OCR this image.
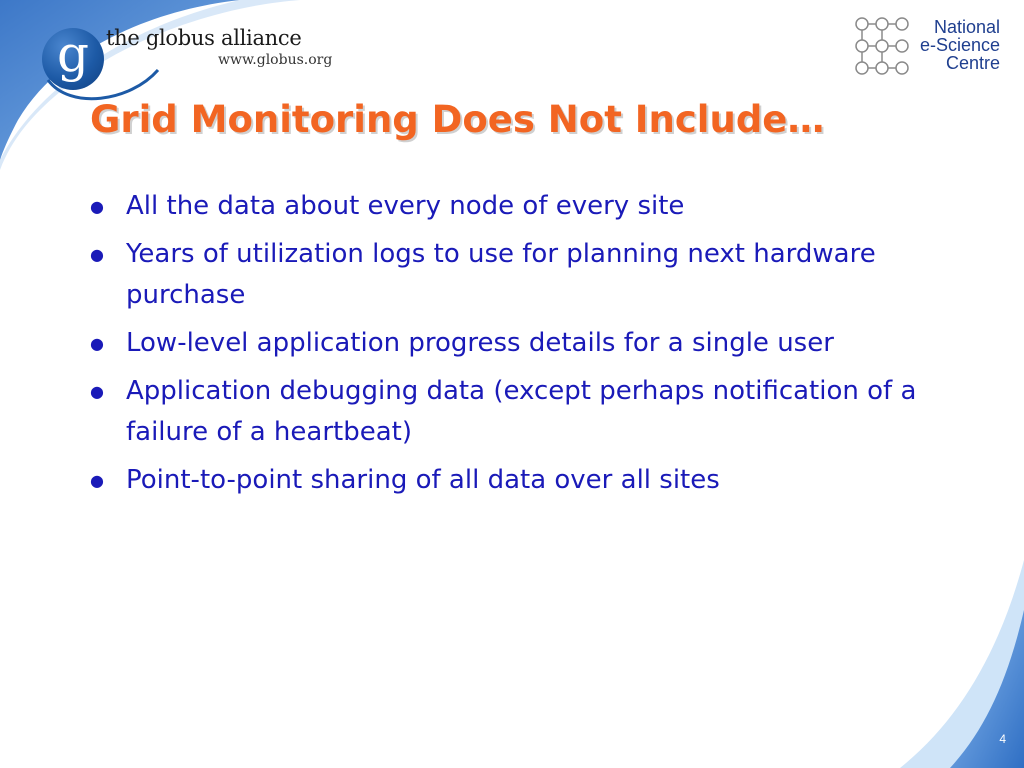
g the globus alliance
www.globus.org
National
e-Science
Centre
Grid Monitoring Does Not Include…
● All the data about every node of every site
● Years of utilization logs to use for planning next hardware purchase
● Low-level application progress details for a single user
● Application debugging data (except perhaps notification of a failure of a heartbeat)
● Point-to-point sharing of all data over all sites
4
